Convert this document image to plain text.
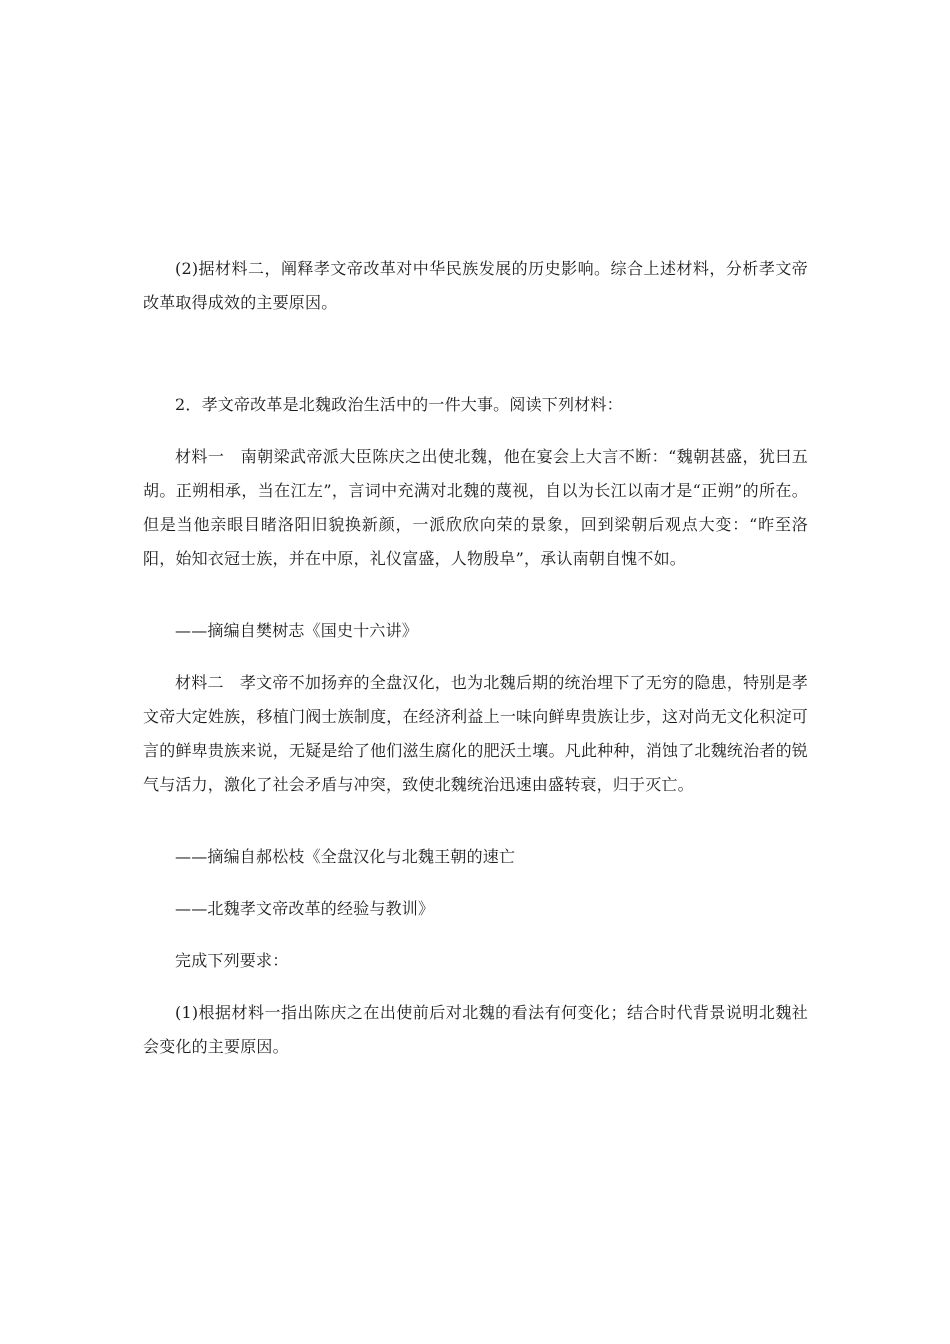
(2)据材料二，阐释孝文帝改革对中华民族发展的历史影响。综合上述材料，分析孝文帝改革取得成效的主要原因。

2．孝文帝改革是北魏政治生活中的一件大事。阅读下列材料：

材料一　南朝梁武帝派大臣陈庆之出使北魏，他在宴会上大言不断：“魏朝甚盛，犹曰五胡。正朔相承，当在江左”，言词中充满对北魏的蔑视，自以为长江以南才是“正朔”的所在。但是当他亲眼目睹洛阳旧貌换新颜，一派欣欣向荣的景象，回到梁朝后观点大变：“昨至洛阳，始知衣冠士族，并在中原，礼仪富盛，人物殷阜”，承认南朝自愧不如。

——摘编自樊树志《国史十六讲》

材料二　孝文帝不加扬弃的全盘汉化，也为北魏后期的统治埋下了无穷的隐患，特别是孝文帝大定姓族，移植门阀士族制度，在经济利益上一味向鲜卑贵族让步，这对尚无文化积淀可言的鲜卑贵族来说，无疑是给了他们滋生腐化的肥沃土壤。凡此种种，消蚀了北魏统治者的锐气与活力，激化了社会矛盾与冲突，致使北魏统治迅速由盛转衰，归于灭亡。

——摘编自郝松枝《全盘汉化与北魏王朝的速亡

——北魏孝文帝改革的经验与教训》

完成下列要求：

(1)根据材料一指出陈庆之在出使前后对北魏的看法有何变化；结合时代背景说明北魏社会变化的主要原因。
